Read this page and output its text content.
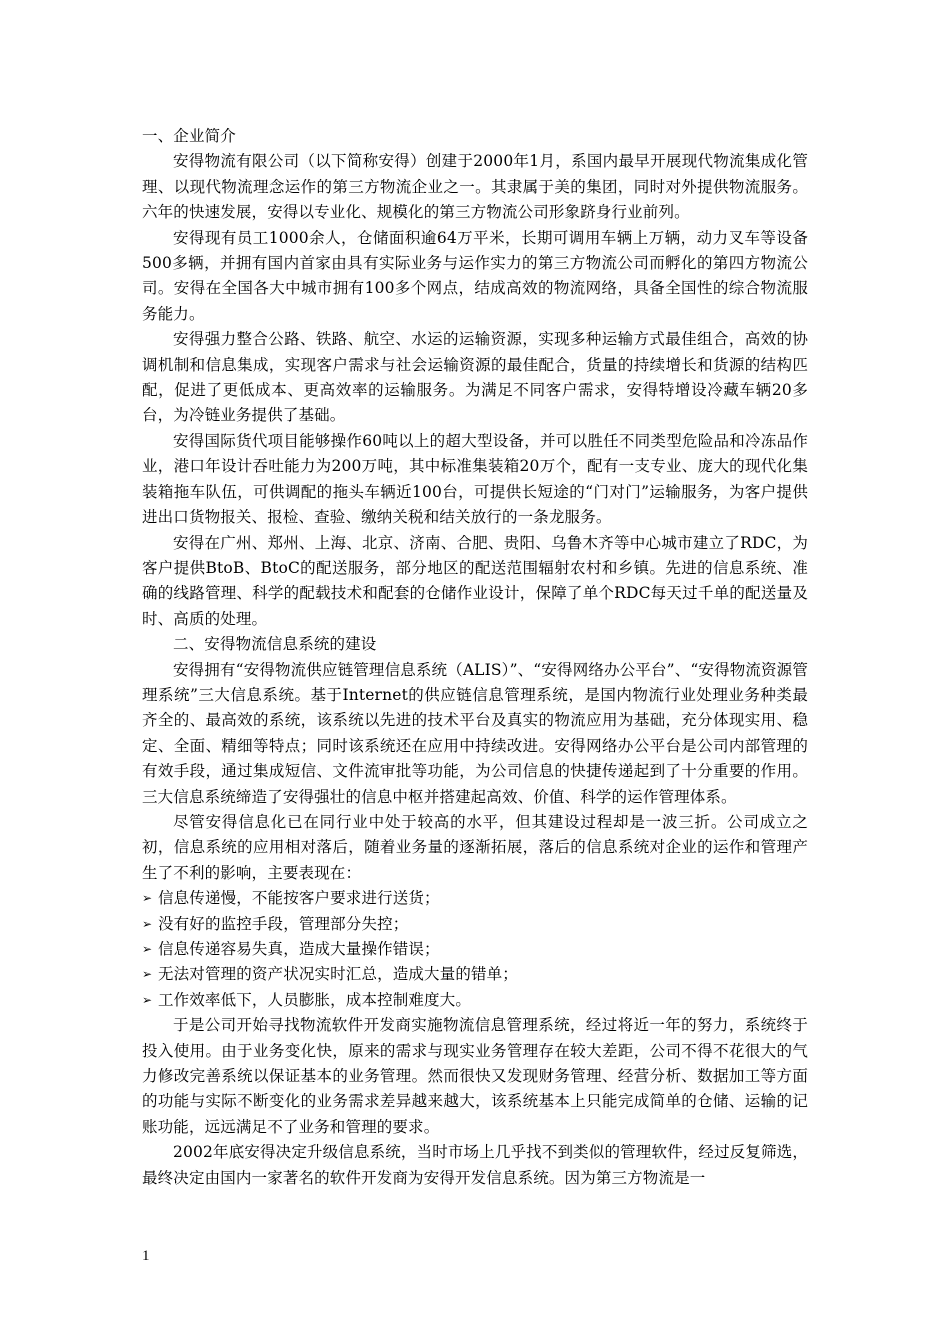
一、企业简介

安得物流有限公司（以下简称安得）创建于2000年1月，系国内最早开展现代物流集成化管理、以现代物流理念运作的第三方物流企业之一。其隶属于美的集团，同时对外提供物流服务。六年的快速发展，安得以专业化、规模化的第三方物流公司形象跻身行业前列。

安得现有员工1000余人，仓储面积逾64万平米，长期可调用车辆上万辆，动力叉车等设备500多辆，并拥有国内首家由具有实际业务与运作实力的第三方物流公司而孵化的第四方物流公司。安得在全国各大中城市拥有100多个网点，结成高效的物流网络，具备全国性的综合物流服务能力。

安得强力整合公路、铁路、航空、水运的运输资源，实现多种运输方式最佳组合，高效的协调机制和信息集成，实现客户需求与社会运输资源的最佳配合，货量的持续增长和货源的结构匹配，促进了更低成本、更高效率的运输服务。为满足不同客户需求，安得特增设冷藏车辆20多台，为冷链业务提供了基础。

安得国际货代项目能够操作60吨以上的超大型设备，并可以胜任不同类型危险品和冷冻品作业，港口年设计吞吐能力为200万吨，其中标准集装箱20万个，配有一支专业、庞大的现代化集装箱拖车队伍，可供调配的拖头车辆近100台，可提供长短途的“门对门”运输服务，为客户提供进出口货物报关、报检、查验、缴纳关税和结关放行的一条龙服务。

安得在广州、郑州、上海、北京、济南、合肥、贵阳、乌鲁木齐等中心城市建立了RDC，为客户提供BtoB、BtoC的配送服务，部分地区的配送范围辐射农村和乡镇。先进的信息系统、准确的线路管理、科学的配载技术和配套的仓储作业设计，保障了单个RDC每天过千单的配送量及时、高质的处理。

二、安得物流信息系统的建设

安得拥有“安得物流供应链管理信息系统（ALIS）”、“安得网络办公平台”、“安得物流资源管理系统”三大信息系统。基于Internet的供应链信息管理系统，是国内物流行业处理业务种类最齐全的、最高效的系统，该系统以先进的技术平台及真实的物流应用为基础，充分体现实用、稳定、全面、精细等特点；同时该系统还在应用中持续改进。安得网络办公平台是公司内部管理的有效手段，通过集成短信、文件流审批等功能，为公司信息的快捷传递起到了十分重要的作用。三大信息系统缔造了安得强壮的信息中枢并搭建起高效、价值、科学的运作管理体系。

尽管安得信息化已在同行业中处于较高的水平，但其建设过程却是一波三折。公司成立之初，信息系统的应用相对落后，随着业务量的逐渐拓展，落后的信息系统对企业的运作和管理产生了不利的影响，主要表现在：

➢ 信息传递慢，不能按客户要求进行送货；
➢ 没有好的监控手段，管理部分失控；
➢ 信息传递容易失真，造成大量操作错误；
➢ 无法对管理的资产状况实时汇总，造成大量的错单；
➢ 工作效率低下，人员膨胀，成本控制难度大。

于是公司开始寻找物流软件开发商实施物流信息管理系统，经过将近一年的努力，系统终于投入使用。由于业务变化快，原来的需求与现实业务管理存在较大差距，公司不得不花很大的气力修改完善系统以保证基本的业务管理。然而很快又发现财务管理、经营分析、数据加工等方面的功能与实际不断变化的业务需求差异越来越大，该系统基本上只能完成简单的仓储、运输的记账功能，远远满足不了业务和管理的要求。

2002年底安得决定升级信息系统，当时市场上几乎找不到类似的管理软件，经过反复筛选，最终决定由国内一家著名的软件开发商为安得开发信息系统。因为第三方物流是一

1
